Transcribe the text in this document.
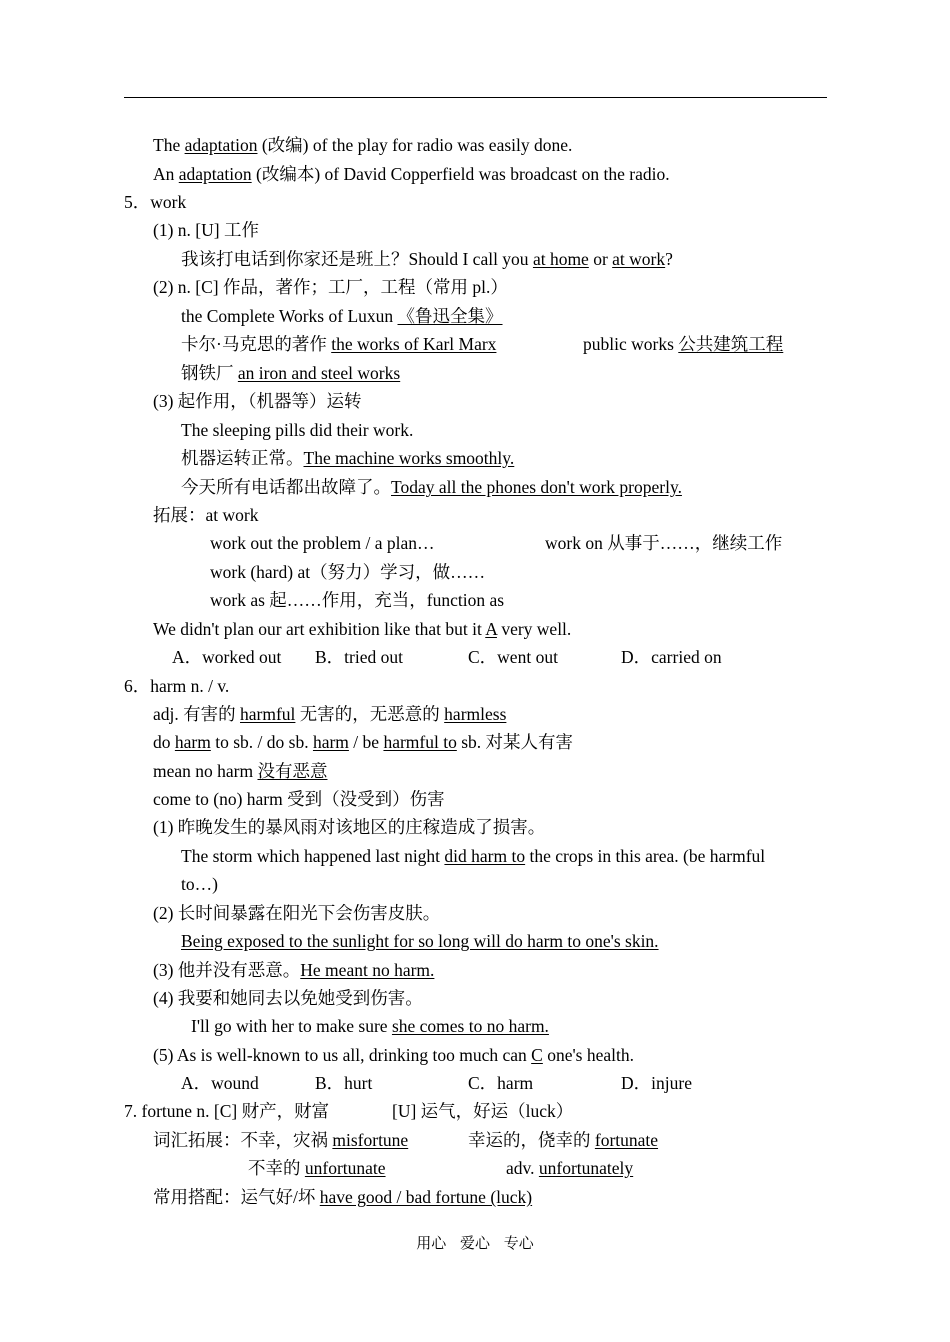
The adaptation (改编) of the play for radio was easily done.
An adaptation (改编本) of David Copperfield was broadcast on the radio.
5．work
(1) n. [U] 工作
我该打电话到你家还是班上？Should I call you at home or at work?
(2) n. [C] 作品，著作；工厂，工程（常用 pl.）
the Complete Works of Luxun 《鲁迅全集》
卡尔·马克思的著作 the works of Karl Marx	public works 公共建筑工程
钢铁厂 an iron and steel works
(3) 起作用，（机器等）运转
The sleeping pills did their work.
机器运转正常。The machine works smoothly.
今天所有电话都出故障了。Today all the phones don't work properly.
拓展：at work
work out the problem / a plan…	work on 从事于……，继续工作
work (hard) at（努力）学习，做……
work as 起……作用，充当，function as
We didn't plan our art exhibition like that but it A very well.
A．worked out B．tried out	C．went out	D．carried on
6．harm n. / v.
adj. 有害的 harmful 无害的，无恶意的 harmless
do harm to sb. / do sb. harm / be harmful to sb. 对某人有害
mean no harm 没有恶意
come to (no) harm 受到（没受到）伤害
(1) 昨晚发生的暴风雨对该地区的庄稼造成了损害。
The storm which happened last night did harm to the crops in this area. (be harmful
to…)
(2) 长时间暴露在阳光下会伤害皮肤。
Being exposed to the sunlight for so long will do harm to one's skin.
(3) 他并没有恶意。He meant no harm.
(4) 我要和她同去以免她受到伤害。
I'll go with her to make sure she comes to no harm.
(5) As is well-known to us all, drinking too much can C one's health.
A．wound	B．hurt	C．harm	D．injure
7. fortune n. [C] 财产，财富	[U] 运气，好运（luck）
词汇拓展：不幸，灾祸 misfortune	幸运的，侥幸的 fortunate
不幸的 unfortunate	adv. unfortunately
常用搭配：运气好/坏 have good / bad fortune (luck)
用心 爱心 专心
